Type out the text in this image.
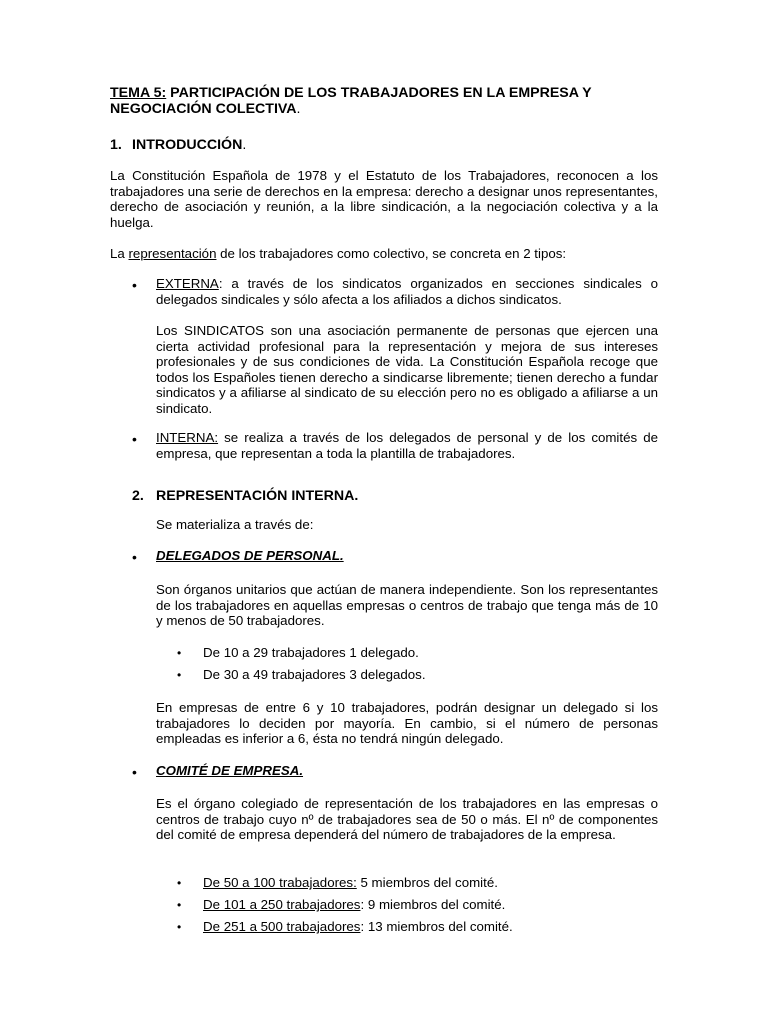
TEMA 5: PARTICIPACIÓN DE LOS TRABAJADORES EN LA EMPRESA Y NEGOCIACIÓN COLECTIVA.
1. INTRODUCCIÓN.

La Constitución Española de 1978 y el Estatuto de los Trabajadores, reconocen a los trabajadores una serie de derechos en la empresa: derecho a designar unos representantes, derecho de asociación y reunión, a la libre sindicación, a la negociación colectiva y a la huelga.

La representación de los trabajadores como colectivo, se concreta en 2 tipos:

• EXTERNA: a través de los sindicatos organizados en secciones sindicales o delegados sindicales y sólo afecta a los afiliados a dichos sindicatos.

Los SINDICATOS son una asociación permanente de personas que ejercen una cierta actividad profesional para la representación y mejora de sus intereses profesionales y de sus condiciones de vida. La Constitución Española recoge que todos los Españoles tienen derecho a sindicarse libremente; tienen derecho a fundar sindicatos y a afiliarse al sindicato de su elección pero no es obligado a afiliarse a un sindicato.

• INTERNA: se realiza a través de los delegados de personal y de los comités de empresa, que representan a toda la plantilla de trabajadores.

2. REPRESENTACIÓN INTERNA.

Se materializa a través de:

• DELEGADOS DE PERSONAL.

Son órganos unitarios que actúan de manera independiente. Son los representantes de los trabajadores en aquellas empresas o centros de trabajo que tenga más de 10 y menos de 50 trabajadores.

• De 10 a 29 trabajadores 1 delegado.
• De 30 a 49 trabajadores 3 delegados.

En empresas de entre 6 y 10 trabajadores, podrán designar un delegado si los trabajadores lo deciden por mayoría. En cambio, si el número de personas empleadas es inferior a 6, ésta no tendrá ningún delegado.

• COMITÉ DE EMPRESA.

Es el órgano colegiado de representación de los trabajadores en las empresas o centros de trabajo cuyo nº de trabajadores sea de 50 o más. El nº de componentes del comité de empresa dependerá del número de trabajadores de la empresa.

• De 50 a 100 trabajadores: 5 miembros del comité.
• De 101 a 250 trabajadores: 9 miembros del comité.
• De 251 a 500 trabajadores: 13 miembros del comité.
